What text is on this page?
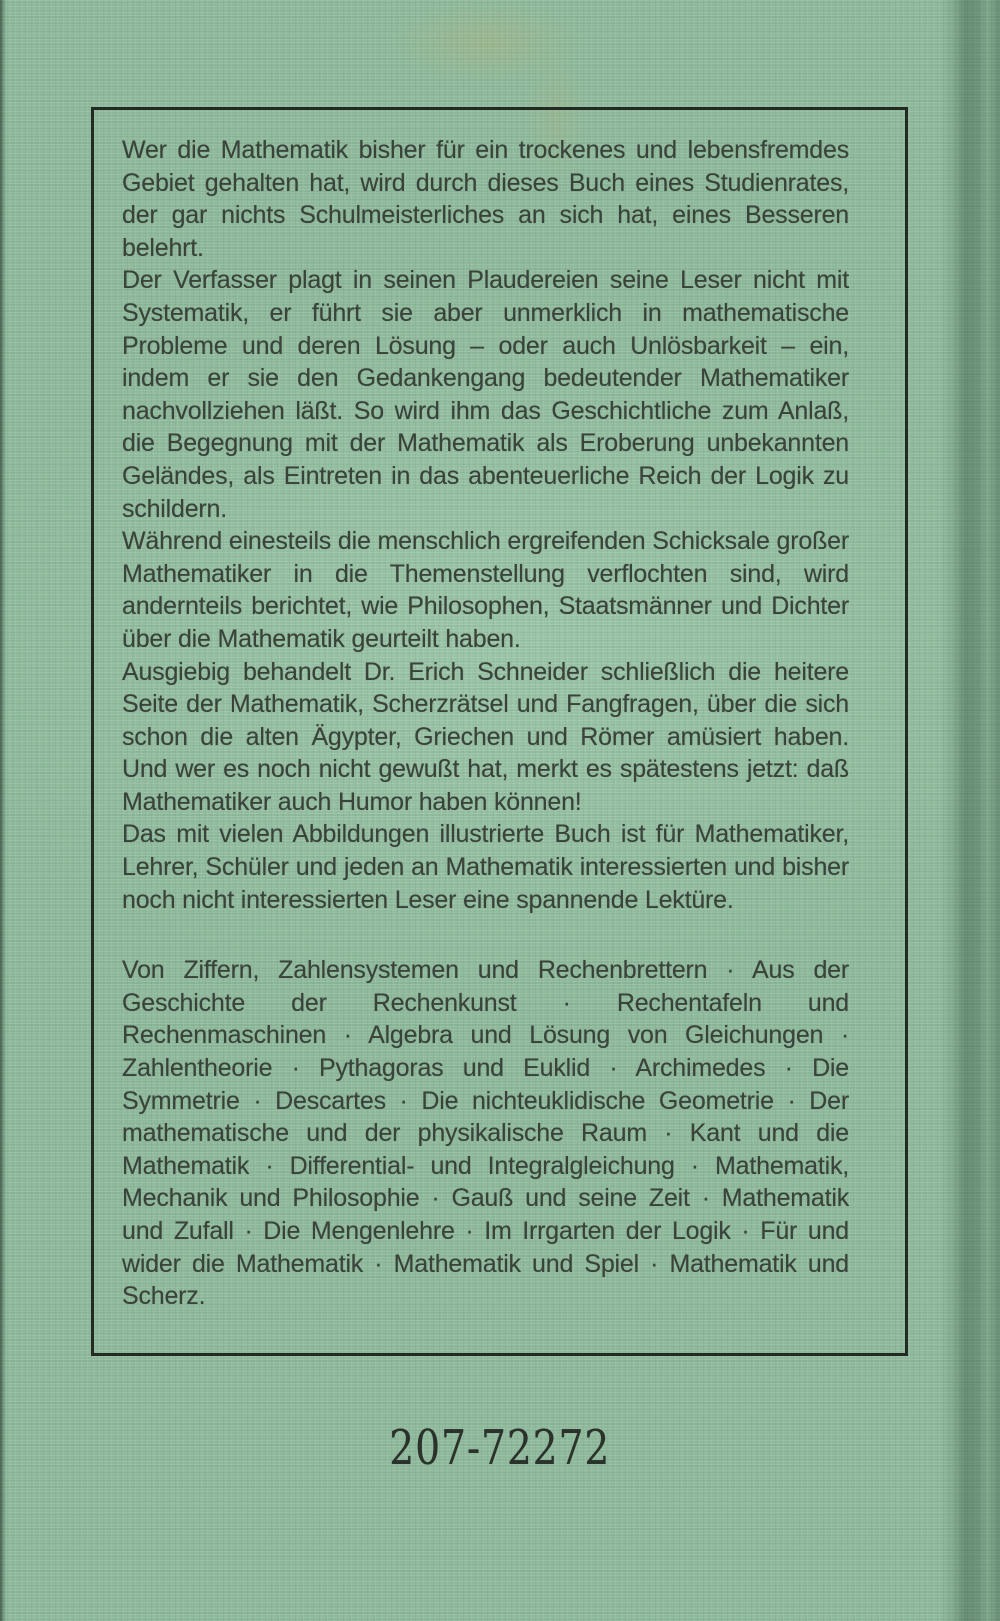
Wer die Mathematik bisher für ein trockenes und lebensfremdes Gebiet gehalten hat, wird durch dieses Buch eines Studienrates, der gar nichts Schulmeisterliches an sich hat, eines Besseren belehrt.

Der Verfasser plagt in seinen Plaudereien seine Leser nicht mit Systematik, er führt sie aber unmerklich in mathematische Probleme und deren Lösung – oder auch Unlösbarkeit – ein, indem er sie den Gedankengang bedeutender Mathematiker nachvollziehen läßt. So wird ihm das Geschichtliche zum Anlaß, die Begegnung mit der Mathematik als Eroberung unbekannten Geländes, als Eintreten in das abenteuerliche Reich der Logik zu schildern.

Während einesteils die menschlich ergreifenden Schicksale großer Mathematiker in die Themenstellung verflochten sind, wird andernteils berichtet, wie Philosophen, Staatsmänner und Dichter über die Mathematik geurteilt haben.

Ausgiebig behandelt Dr. Erich Schneider schließlich die heitere Seite der Mathematik, Scherzrätsel und Fangfragen, über die sich schon die alten Ägypter, Griechen und Römer amüsiert haben. Und wer es noch nicht gewußt hat, merkt es spätestens jetzt: daß Mathematiker auch Humor haben können!

Das mit vielen Abbildungen illustrierte Buch ist für Mathematiker, Lehrer, Schüler und jeden an Mathematik interessierten und bisher noch nicht interessierten Leser eine spannende Lektüre.

Von Ziffern, Zahlensystemen und Rechenbrettern · Aus der Geschichte der Rechenkunst · Rechentafeln und Rechenmaschinen · Algebra und Lösung von Gleichungen · Zahlentheorie · Pythagoras und Euklid · Archimedes · Die Symmetrie · Descartes · Die nichteuklidische Geometrie · Der mathematische und der physikalische Raum · Kant und die Mathematik · Differential- und Integralgleichung · Mathematik, Mechanik und Philosophie · Gauß und seine Zeit · Mathematik und Zufall · Die Mengenlehre · Im Irrgarten der Logik · Für und wider die Mathematik · Mathematik und Spiel · Mathematik und Scherz.

207-72272
